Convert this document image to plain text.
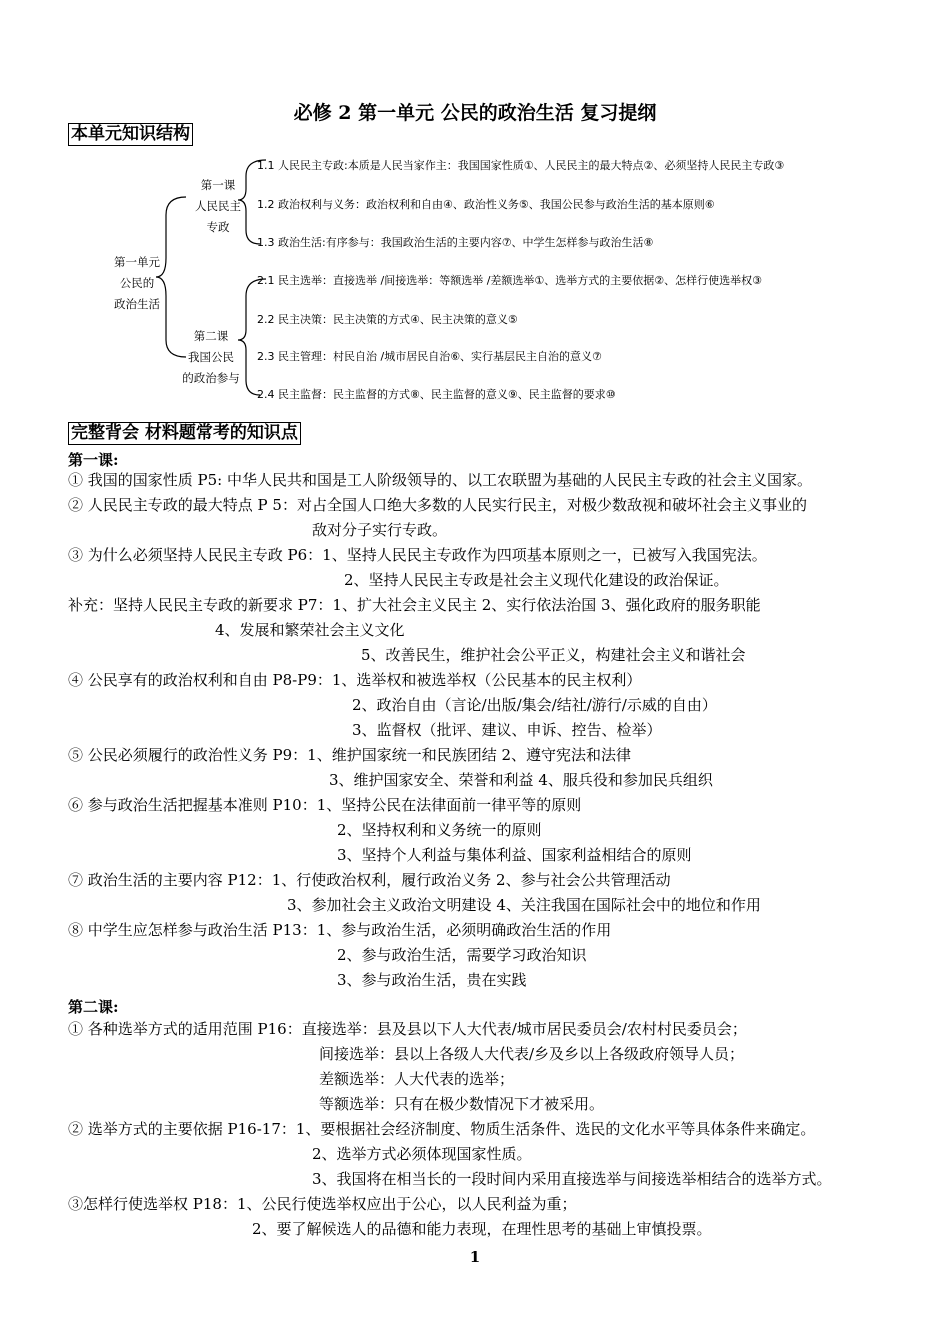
必修 2 第一单元 公民的政治生活 复习提纲
本单元知识结构
第一单元
公民的
政治生活
第一课
人民民主
专政
第二课
我国公民
的政治参与
1.1 人民民主专政:本质是人民当家作主：我国国家性质①、人民民主的最大特点②、必须坚持人民民主专政③
1.2 政治权利与义务：政治权利和自由④、政治性义务⑤、我国公民参与政治生活的基本原则⑥
1.3 政治生活:有序参与：我国政治生活的主要内容⑦、中学生怎样参与政治生活⑧
2.1 民主选举：直接选举 /间接选举：等额选举 /差额选举①、选举方式的主要依据②、怎样行使选举权③
2.2 民主决策：民主决策的方式④、民主决策的意义⑤
2.3 民主管理：村民自治 /城市居民自治⑥、实行基层民主自治的意义⑦
2.4 民主监督：民主监督的方式⑧、民主监督的意义⑨、民主监督的要求⑩
完整背会 材料题常考的知识点
第一课:
① 我国的国家性质 P5: 中华人民共和国是工人阶级领导的、以工农联盟为基础的人民民主专政的社会主义国家。
② 人民民主专政的最大特点 P 5：对占全国人口绝大多数的人民实行民主，对极少数敌视和破坏社会主义事业的
敌对分子实行专政。
③ 为什么必须坚持人民民主专政 P6：1、坚持人民民主专政作为四项基本原则之一，已被写入我国宪法。
2、坚持人民民主专政是社会主义现代化建设的政治保证。
补充：坚持人民民主专政的新要求 P7：1、扩大社会主义民主 2、实行依法治国 3、强化政府的服务职能
4、发展和繁荣社会主义文化
5、改善民生，维护社会公平正义，构建社会主义和谐社会
④ 公民享有的政治权利和自由 P8-P9：1、选举权和被选举权（公民基本的民主权利）
2、政治自由（言论/出版/集会/结社/游行/示威的自由）
3、监督权（批评、建议、申诉、控告、检举）
⑤ 公民必须履行的政治性义务 P9：1、维护国家统一和民族团结 2、遵守宪法和法律
3、维护国家安全、荣誉和利益 4、服兵役和参加民兵组织
⑥ 参与政治生活把握基本准则 P10：1、坚持公民在法律面前一律平等的原则
2、坚持权利和义务统一的原则
3、坚持个人利益与集体利益、国家利益相结合的原则
⑦ 政治生活的主要内容 P12：1、行使政治权利，履行政治义务 2、参与社会公共管理活动
3、参加社会主义政治文明建设 4、关注我国在国际社会中的地位和作用
⑧ 中学生应怎样参与政治生活 P13：1、参与政治生活，必须明确政治生活的作用
2、参与政治生活，需要学习政治知识
3、参与政治生活，贵在实践
第二课:
① 各种选举方式的适用范围 P16：直接选举：县及县以下人大代表/城市居民委员会/农村村民委员会；
间接选举：县以上各级人大代表/乡及乡以上各级政府领导人员；
差额选举：人大代表的选举；
等额选举：只有在极少数情况下才被采用。
② 选举方式的主要依据 P16-17：1、要根据社会经济制度、物质生活条件、选民的文化水平等具体条件来确定。
2、选举方式必须体现国家性质。
3、我国将在相当长的一段时间内采用直接选举与间接选举相结合的选举方式。
③怎样行使选举权 P18：1、公民行使选举权应出于公心，以人民利益为重；
2、要了解候选人的品德和能力表现，在理性思考的基础上审慎投票。
1
